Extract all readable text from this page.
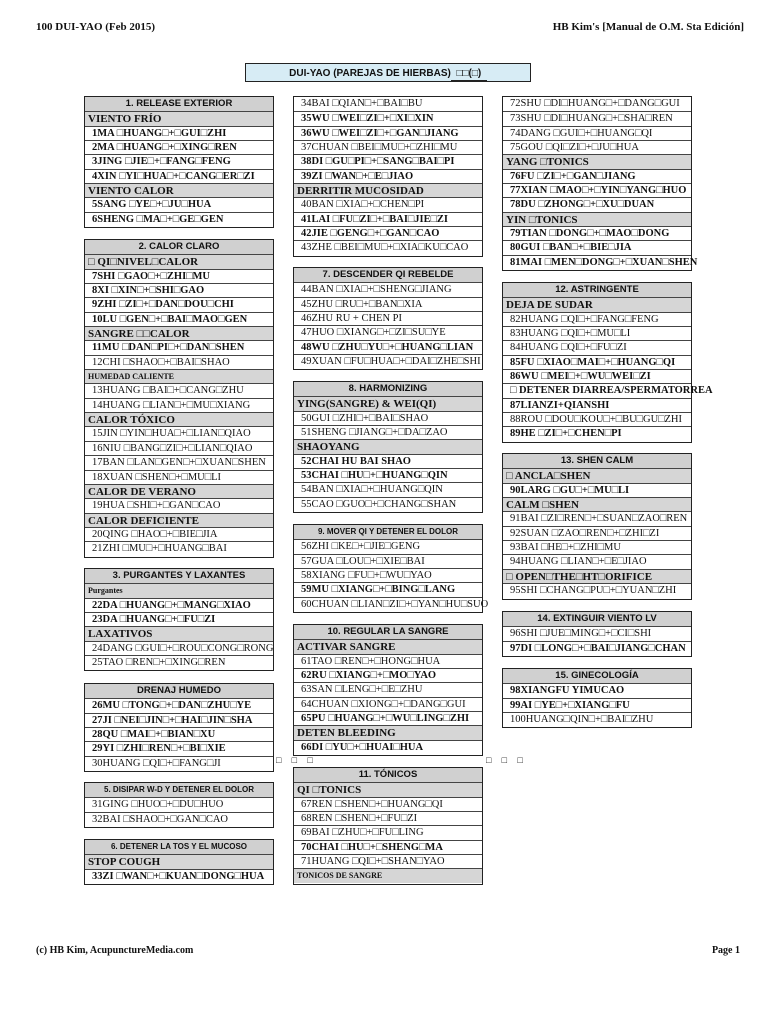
100 DUI-YAO (Feb 2015)	HB Kim's [Manual de O.M. Sta Edición]
DUI-YAO (PAREJAS DE HIERBAS) □□(□)
1. RELEASE EXTERIOR
VIENTO FRÍO
1MA □HUANG□+□GUI□ZHI
2MA □HUANG□+□XING□REN
3JING □JIE□+□FANG□FENG
4XIN □YI□HUA□+□CANG□ER□ZI
VIENTO CALOR
5SANG □YE□+□JU□HUA
6SHENG □MA□+□GE□GEN
2. CALOR CLARO
□ QI□NIVEL□CALOR
7SHI □GAO□+□ZHI□MU
8XI □XIN□+□SHI□GAO
9ZHI □ZI□+□DAN□DOU□CHI
10LU □GEN□+□BAI□MAO□GEN
SANGRE □□CALOR
11MU □DAN□PI□+□DAN□SHEN
12CHI □SHAO□+□BAI□SHAO
HUMEDAD CALIENTE
13HUANG □BAI□+□CANG□ZHU
14HUANG □LIAN□+□MU□XIANG
CALOR TÓXICO
15JIN □YIN□HUA□+□LIAN□QIAO
16NIU □BANG□ZI□+□LIAN□QIAO
17BAN □LAN□GEN□+□XUAN□SHEN
18XUAN □SHEN□+□MU□LI
CALOR DE VERANO
19HUA □SHI□+□GAN□CAO
CALOR DEFICIENTE
20QING □HAO□+□BIE□JIA
21ZHI □MU□+□HUANG□BAI
3. PURGANTES Y LAXANTES
Purgantes
22DA □HUANG□+□MANG□XIAO
23DA □HUANG□+□FU□ZI
LAXATIVOS
24DANG □GUI□+□ROU□CONG□RONG
25TAO □REN□+□XING□REN
DRENAJ HUMEDO
26MU □TONG□+□DAN□ZHU□YE
27JI □NEI□JIN□+□HAI□JIN□SHA
28QU □MAI□+□BIAN□XU
29YI □ZHI□REN□+□BI□XIE
30HUANG □QI□+□FANG□JI
5. DISIPAR W-D Y DETENER EL DOLOR
31GING □HUO□+□DU□HUO
32BAI □SHAO□+□GAN□CAO
6. DETENER LA TOS Y EL MUCOSO
STOP COUGH
33ZI □WAN□+□KUAN□DONG□HUA
34BAI □QIAN□+□BAI□BU
35WU □WEI□ZI□+□XI□XIN
36WU □WEI□ZI□+□GAN□JIANG
37CHUAN □BEI□MU□+□ZHI□MU
38DI □GU□PI□+□SANG□BAI□PI
39ZI □WAN□+□E□JIAO
DERRITIR MUCOSIDAD
40BAN □XIA□+□CHEN□PI
41LAI □FU□ZI□+□BAI□JIE□ZI
42JIE □GENG□+□GAN□CAO
43ZHE □BEI□MU□+□XIA□KU□CAO
7. DESCENDER QI REBELDE
44BAN □XIA□+□SHENG□JIANG
45ZHU □RU□+□BAN□XIA
46ZHU RU + CHEN PI
47HUO □XIANG□+□ZI□SU□YE
48WU □ZHU□YU□+□HUANG□LIAN
49XUAN □FU□HUA□+□DAI□ZHE□SHI
8. HARMONIZING
YING(SANGRE) & WEI(QI)
50GUI □ZHI□+□BAI□SHAO
51SHENG □JIANG□+□DA□ZAO
SHAOYANG
52CHAI HU BAI SHAO
53CHAI □HU□+□HUANG□QIN
54BAN □XIA□+□HUANG□QIN
55CAO □GUO□+□CHANG□SHAN
9. MOVER QI Y DETENER EL DOLOR
56ZHI □KE□+□JIE□GENG
57GUA □LOU□+□XIE□BAI
58XIANG □FU□+□WU□YAO
59MU □XIANG□+□BING□LANG
60CHUAN □LIAN□ZI□+□YAN□HU□SUO
10. REGULAR LA SANGRE
ACTIVAR SANGRE
61TAO □REN□+□HONG□HUA
62RU □XIANG□+□MO□YAO
63SAN □LENG□+□E□ZHU
64CHUAN □XIONG□+□DANG□GUI
65PU □HUANG□+□WU□LING□ZHI
DETEN BLEEDING
66DI □YU□+□HUAI□HUA
11. TÓNICOS
QI □TONICS
67REN □SHEN□+□HUANG□QI
68REN □SHEN□+□FU□ZI
69BAI □ZHU□+□FU□LING
70CHAI □HU□+□SHENG□MA
71HUANG □QI□+□SHAN□YAO
TONICOS DE SANGRE
72SHU □DI□HUANG□+□DANG□GUI
73SHU □DI□HUANG□+□SHA□REN
74DANG □GUI□+□HUANG□QI
75GOU □QI□ZI□+□JU□HUA
YANG □TONICS
76FU □ZI□+□GAN□JIANG
77XIAN □MAO□+□YIN□YANG□HUO
78DU □ZHONG□+□XU□DUAN
YIN □TONICS
79TIAN □DONG□+□MAO□DONG
80GUI □BAN□+□BIE□JIA
81MAI □MEN□DONG□+□XUAN□SHEN
12. ASTRINGENTE
DEJA DE SUDAR
82HUANG □QI□+□FANG□FENG
83HUANG □QI□+□MU□LI
84HUANG □QI□+□FU□ZI
85FU □XIAO□MAI□+□HUANG□QI
86WU □MEI□+□WU□WEI□ZI
□ DETENER DIARREA/SPERMATORREA
87LIANZI+QIANSHI
88ROU □DOU□KOU□+□BU□GU□ZHI
89HE □ZI□+□CHEN□PI
13. SHEN CALM
□ ANCLA□SHEN
90LARG □GU□+□MU□LI
CALM □SHEN
91BAI □ZI□REN□+□SUAN□ZAO□REN
92SUAN □ZAO□REN□+□ZHI□ZI
93BAI □HE□+□ZHI□MU
94HUANG □LIAN□+□E□JIAO
□ OPEN□THE□HT□ORIFICE
95SHI □CHANG□PU□+□YUAN□ZHI
14. EXTINGUIR VIENTO LV
96SHI □JUE□MING□+□CI□SHI
97DI □LONG□+□BAI□JIANG□CHAN
15. GINECOLOGÍA
98XIANGFU YIMUCAO
99AI □YE□+□XIANG□FU
100HUANG□QIN□+□BAI□ZHU
□ □ □	□ □ □
(c) HB Kim, AcupunctureMedia.com	Page 1
